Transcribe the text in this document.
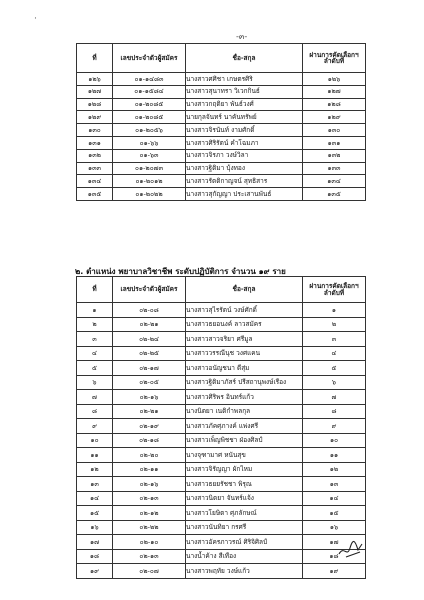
·
-๓-
ที่	เลขประจำตัวผู้สมัคร	ชื่อ-สกุล	ผ่านการคัดเลือกฯ
ลำดับที่

๑๒๖	๐๑-๑๔๘๓	นางสาวศศิชา เกษตรศิริ	๑๒๖
๑๒๗	๐๑-๑๕๘๔	นางสาวสุนาทรา วิเวกกินธ์	๑๒๗
๑๒๘	๐๑-๒๐๘๕	นางสาวกฤติยา พันธ์วงศ์	๑๒๘
๑๒๙	๐๑-๒๐๘๕	นายกุลจันทร์ นาคันทรัพย์	๑๒๙
๑๓๐	๐๑-๒๐๕๖	นางสาวจิรนันท์ งามศักดิ์	๑๓๐
๑๓๑	๐๑-๖๖	นางสาวศิริรัตน์ คำโฉมภา	๑๓๑
๑๓๒	๐๑-๖๓	นางสาวจิรภา วงษ์วิลา	๑๓๒
๑๓๓	๐๑-๒๐๗๓	นางสาวฐิติมา บุ้งทอง	๑๓๓
๑๓๔	๐๑-๒๐๑๒	นางสาวรัตติกาญจน์ สุทธิสาร	๑๓๔
๑๓๕	๐๑-๒๐๒๒	นางสาวสุกัญญา ประเสานพันธ์	๑๓๕
๒. ตำแหน่ง พยาบาลวิชาชีพ ระดับปฏิบัติการ จำนวน ๑๙ ราย
ที่	เลขประจำตัวผู้สมัคร	ชื่อ-สกุล	ผ่านการคัดเลือกฯ
ลำดับที่

๑	๐๒-๐๘	นางสาวสุไรรัตน์ วงษ์ศักดิ์	๑
๒	๐๒-๒๑	นางสาวธยอนงค์ ลาวสมัคร	๒
๓	๐๒-๒๔	นางสาวสาวจริยา ศรีมูล	๓
๔	๐๒-๒๕	นางสาววรรณีนุช วงศแคน	๔
๕	๐๒-๑๗	นางสาวอนัญชนา ดีสุ่ม	๕
๖	๐๒-๐๕	นางสาวฐิติมาภัสร์ ปรีสถานุพงษ์เรือง	๖
๗	๐๒-๑๖	นางสาวศิริพร อินทร์แก้ว	๗
๘	๐๒-๒๑	นางนิตยา เนติกำพลกุล	๘
๙	๐๒-๑๙	นางสาวภัคศุภางค์ แพ่งศรี	๙
๑๐	๐๒-๑๘	นางสาวเพ็ญพิชชา ฝ่องศิลป์	๑๐
๑๑	๐๒-๒๐	นางจุฑามาศ หนันสุข	๑๑
๑๒	๐๒-๑๑	นางสาวจิรัญญา ผักไหม	๑๒
๑๓	๐๒-๑๖	นางสาวธยยรัชชา พิรุณ	๑๓
๑๔	๐๒-๑๓	นางสาวนิตยา จันทร์แจ้ง	๑๔
๑๕	๐๒-๑๒	นางสาวโยษิตา ศุภลักษณ์	๑๕
๑๖	๐๒-๒๒	นางสาวนันทิยา กรศรี	๑๖
๑๗	๐๒-๑๐	นางสาวอัครภาวรณ์ ศิริจิศิลป์	๑๗
๑๘	๐๒-๑๓	นางน้ำค้าง สีเทือง	๑๘
๑๙	๐๒-๐๗	นางสาวพฤทัย วงษ์แก้ว	๑๙
